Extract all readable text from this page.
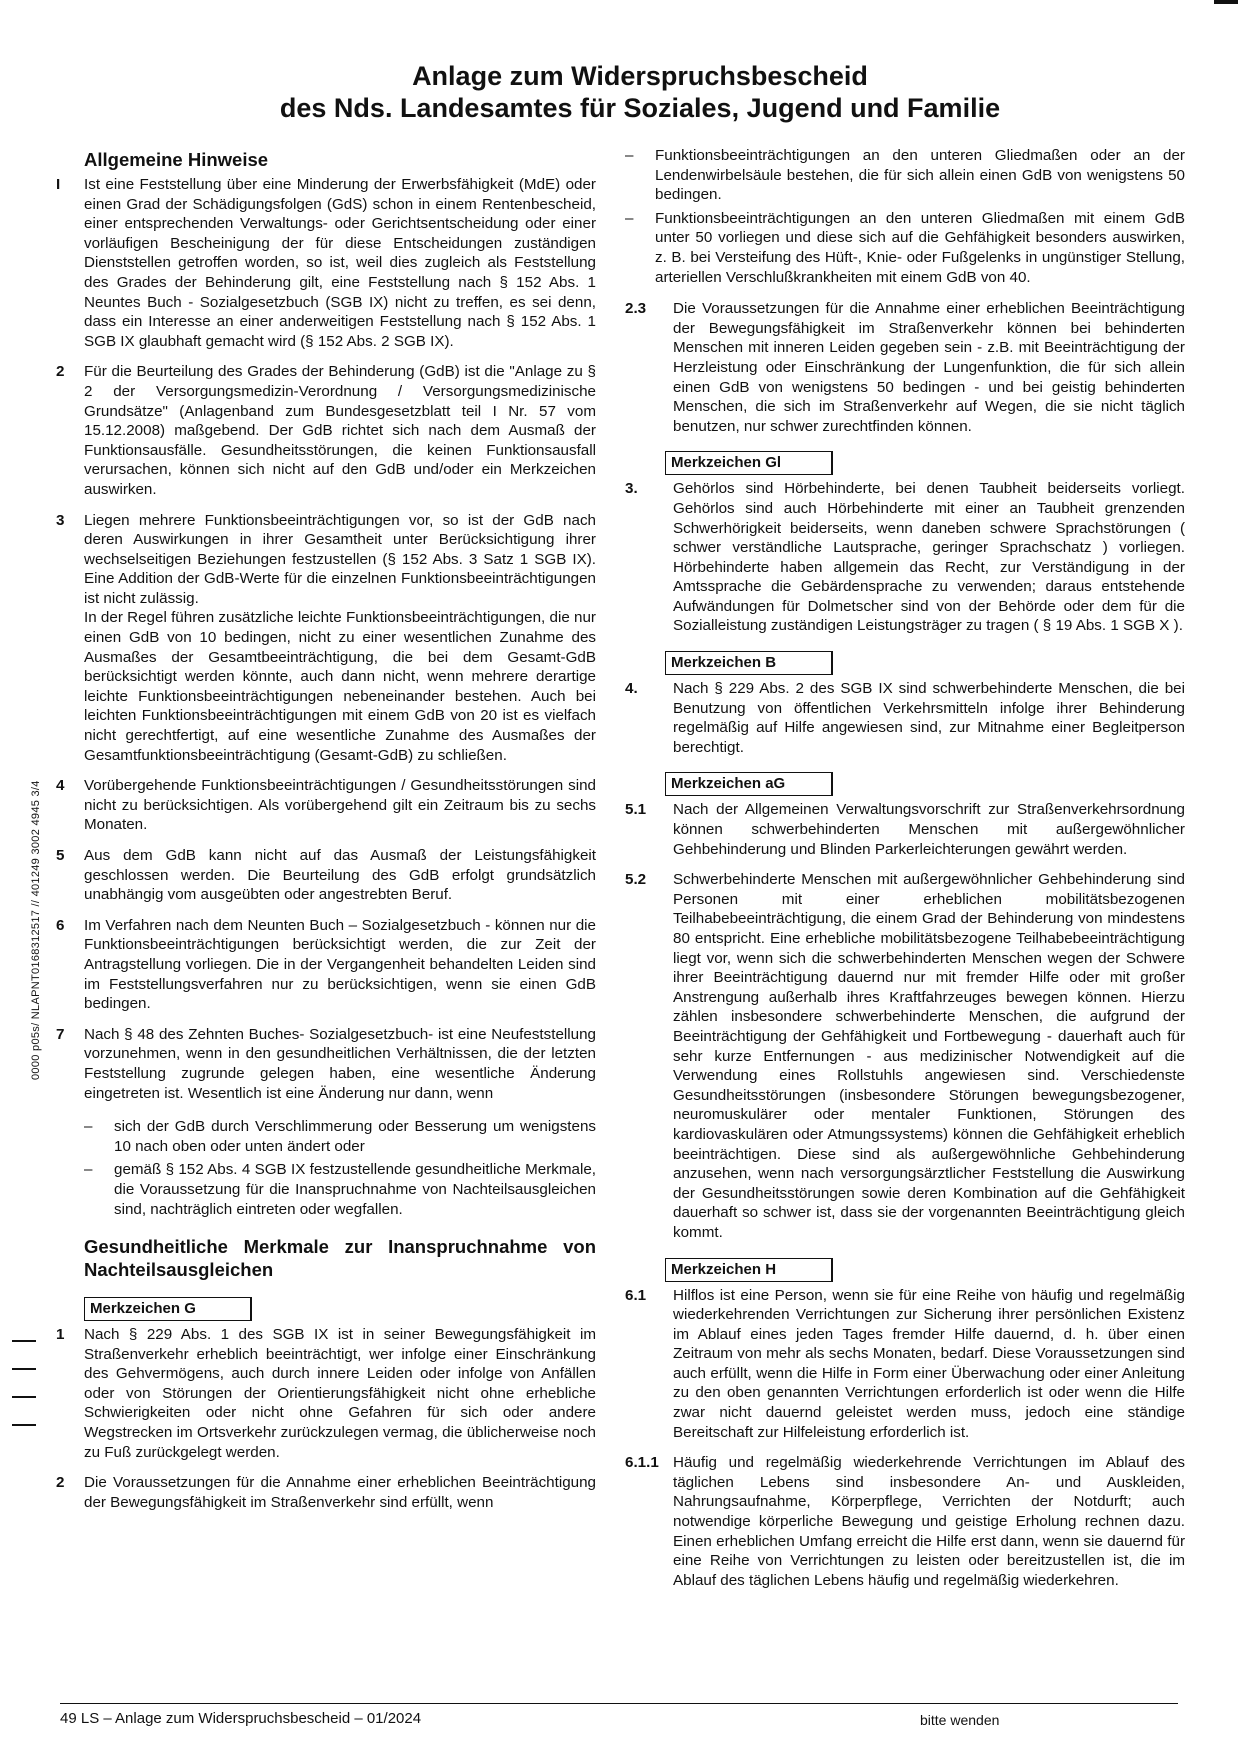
Anlage zum Widerspruchsbescheid
des Nds. Landesamtes für Soziales, Jugend und Familie
0000 p05s/ NLAPNT0168312517 // 401249 3002 4945 3/4
Allgemeine Hinweise
I Ist eine Feststellung über eine Minderung der Erwerbsfähigkeit (MdE) oder einen Grad der Schädigungsfolgen (GdS) schon in einem Rentenbescheid, einer entsprechenden Verwaltungs- oder Gerichtsentscheidung oder einer vorläufigen Bescheinigung der für diese Entscheidungen zuständigen Dienststellen getroffen worden, so ist, weil dies zugleich als Feststellung des Grades der Behinderung gilt, eine Feststellung nach § 152 Abs. 1 Neuntes Buch - Sozialgesetzbuch (SGB IX) nicht zu treffen, es sei denn, dass ein Interesse an einer anderweitigen Feststellung nach § 152 Abs. 1 SGB IX glaubhaft gemacht wird (§ 152 Abs. 2 SGB IX).
2 Für die Beurteilung des Grades der Behinderung (GdB) ist die "Anlage zu § 2 der Versorgungsmedizin-Verordnung / Versorgungsmedizinische Grundsätze" (Anlagenband zum Bundesgesetzblatt teil I Nr. 57 vom 15.12.2008) maßgebend. Der GdB richtet sich nach dem Ausmaß der Funktionsausfälle. Gesundheitsstörungen, die keinen Funktionsausfall verursachen, können sich nicht auf den GdB und/oder ein Merkzeichen auswirken.
3 Liegen mehrere Funktionsbeeinträchtigungen vor, so ist der GdB nach deren Auswirkungen in ihrer Gesamtheit unter Berücksichtigung ihrer wechselseitigen Beziehungen festzustellen (§ 152 Abs. 3 Satz 1 SGB IX). Eine Addition der GdB-Werte für die einzelnen Funktionsbeeinträchtigungen ist nicht zulässig.
In der Regel führen zusätzliche leichte Funktionsbeeinträchtigungen, die nur einen GdB von 10 bedingen, nicht zu einer wesentlichen Zunahme des Ausmaßes der Gesamtbeeinträchtigung, die bei dem Gesamt-GdB berücksichtigt werden könnte, auch dann nicht, wenn mehrere derartige leichte Funktionsbeeinträchtigungen nebeneinander bestehen. Auch bei leichten Funktionsbeeinträchtigungen mit einem GdB von 20 ist es vielfach nicht gerechtfertigt, auf eine wesentliche Zunahme des Ausmaßes der Gesamtfunktionsbeeinträchtigung (Gesamt-GdB) zu schließen.
4 Vorübergehende Funktionsbeeinträchtigungen / Gesundheitsstörungen sind nicht zu berücksichtigen. Als vorübergehend gilt ein Zeitraum bis zu sechs Monaten.
5 Aus dem GdB kann nicht auf das Ausmaß der Leistungsfähigkeit geschlossen werden. Die Beurteilung des GdB erfolgt grundsätzlich unabhängig vom ausgeübten oder angestrebten Beruf.
6 Im Verfahren nach dem Neunten Buch – Sozialgesetzbuch - können nur die Funktionsbeeinträchtigungen berücksichtigt werden, die zur Zeit der Antragstellung vorliegen. Die in der Vergangenheit behandelten Leiden sind im Feststellungsverfahren nur zu berücksichtigen, wenn sie einen GdB bedingen.
7 Nach § 48 des Zehnten Buches- Sozialgesetzbuch- ist eine Neufeststellung vorzunehmen, wenn in den gesundheitlichen Verhältnissen, die der letzten Feststellung zugrunde gelegen haben, eine wesentliche Änderung eingetreten ist. Wesentlich ist eine Änderung nur dann, wenn
– sich der GdB durch Verschlimmerung oder Besserung um wenigstens 10 nach oben oder unten ändert oder
– gemäß § 152 Abs. 4 SGB IX festzustellende gesundheitliche Merkmale, die Voraussetzung für die Inanspruchnahme von Nachteilsausgleichen sind, nachträglich eintreten oder wegfallen.
Gesundheitliche Merkmale zur Inanspruchnahme von Nachteilsausgleichen
Merkzeichen G
1 Nach § 229 Abs. 1 des SGB IX ist in seiner Bewegungsfähigkeit im Straßenverkehr erheblich beeinträchtigt, wer infolge einer Einschränkung des Gehvermögens, auch durch innere Leiden oder infolge von Anfällen oder von Störungen der Orientierungsfähigkeit nicht ohne erhebliche Schwierigkeiten oder nicht ohne Gefahren für sich oder andere Wegstrecken im Ortsverkehr zurückzulegen vermag, die üblicherweise noch zu Fuß zurückgelegt werden.
2 Die Voraussetzungen für die Annahme einer erheblichen Beeinträchtigung der Bewegungsfähigkeit im Straßenverkehr sind erfüllt, wenn
– Funktionsbeeinträchtigungen an den unteren Gliedmaßen oder an der Lendenwirbelsäule bestehen, die für sich allein einen GdB von wenigstens 50 bedingen.
– Funktionsbeeinträchtigungen an den unteren Gliedmaßen mit einem GdB unter 50 vorliegen und diese sich auf die Gehfähigkeit besonders auswirken, z. B. bei Versteifung des Hüft-, Knie- oder Fußgelenks in ungünstiger Stellung, arteriellen Verschlußkrankheiten mit einem GdB von 40.
2.3 Die Voraussetzungen für die Annahme einer erheblichen Beeinträchtigung der Bewegungsfähigkeit im Straßenverkehr können bei behinderten Menschen mit inneren Leiden gegeben sein - z.B. mit Beeinträchtigung der Herzleistung oder Einschränkung der Lungenfunktion, die für sich allein einen GdB von wenigstens 50 bedingen - und bei geistig behinderten Menschen, die sich im Straßenverkehr auf Wegen, die sie nicht täglich benutzen, nur schwer zurechtfinden können.
Merkzeichen Gl
3. Gehörlos sind Hörbehinderte, bei denen Taubheit beiderseits vorliegt. Gehörlos sind auch Hörbehinderte mit einer an Taubheit grenzenden Schwerhörigkeit beiderseits, wenn daneben schwere Sprachstörungen ( schwer verständliche Lautsprache, geringer Sprachschatz ) vorliegen. Hörbehinderte haben allgemein das Recht, zur Verständigung in der Amtssprache die Gebärdensprache zu verwenden; daraus entstehende Aufwändungen für Dolmetscher sind von der Behörde oder dem für die Sozialleistung zuständigen Leistungsträger zu tragen ( § 19 Abs. 1 SGB X ).
Merkzeichen B
4. Nach § 229 Abs. 2 des SGB IX sind schwerbehinderte Menschen, die bei Benutzung von öffentlichen Verkehrsmitteln infolge ihrer Behinderung regelmäßig auf Hilfe angewiesen sind, zur Mitnahme einer Begleitperson berechtigt.
Merkzeichen aG
5.1 Nach der Allgemeinen Verwaltungsvorschrift zur Straßenverkehrsordnung können schwerbehinderten Menschen mit außergewöhnlicher Gehbehinderung und Blinden Parkerleichterungen gewährt werden.
5.2 Schwerbehinderte Menschen mit außergewöhnlicher Gehbehinderung sind Personen mit einer erheblichen mobilitätsbezogenen Teilhabebeeinträchtigung, die einem Grad der Behinderung von mindestens 80 entspricht. Eine erhebliche mobilitätsbezogene Teilhabebeeinträchtigung liegt vor, wenn sich die schwerbehinderten Menschen wegen der Schwere ihrer Beeinträchtigung dauernd nur mit fremder Hilfe oder mit großer Anstrengung außerhalb ihres Kraftfahrzeuges bewegen können. Hierzu zählen insbesondere schwerbehinderte Menschen, die aufgrund der Beeinträchtigung der Gehfähigkeit und Fortbewegung - dauerhaft auch für sehr kurze Entfernungen - aus medizinischer Notwendigkeit auf die Verwendung eines Rollstuhls angewiesen sind. Verschiedenste Gesundheitsstörungen (insbesondere Störungen bewegungsbezogener, neuromuskulärer oder mentaler Funktionen, Störungen des kardiovaskulären oder Atmungssystems) können die Gehfähigkeit erheblich beeinträchtigen. Diese sind als außergewöhnliche Gehbehinderung anzusehen, wenn nach versorgungsärztlicher Feststellung die Auswirkung der Gesundheitsstörungen sowie deren Kombination auf die Gehfähigkeit dauerhaft so schwer ist, dass sie der vorgenannten Beeinträchtigung gleich kommt.
Merkzeichen H
6.1 Hilflos ist eine Person, wenn sie für eine Reihe von häufig und regelmäßig wiederkehrenden Verrichtungen zur Sicherung ihrer persönlichen Existenz im Ablauf eines jeden Tages fremder Hilfe dauernd, d. h. über einen Zeitraum von mehr als sechs Monaten, bedarf. Diese Voraussetzungen sind auch erfüllt, wenn die Hilfe in Form einer Überwachung oder einer Anleitung zu den oben genannten Verrichtungen erforderlich ist oder wenn die Hilfe zwar nicht dauernd geleistet werden muss, jedoch eine ständige Bereitschaft zur Hilfeleistung erforderlich ist.
6.1.1 Häufig und regelmäßig wiederkehrende Verrichtungen im Ablauf des täglichen Lebens sind insbesondere An- und Auskleiden, Nahrungsaufnahme, Körperpflege, Verrichten der Notdurft; auch notwendige körperliche Bewegung und geistige Erholung rechnen dazu. Einen erheblichen Umfang erreicht die Hilfe erst dann, wenn sie dauernd für eine Reihe von Verrichtungen zu leisten oder bereitzustellen ist, die im Ablauf des täglichen Lebens häufig und regelmäßig wiederkehren.
49 LS – Anlage zum Widerspruchsbescheid – 01/2024	bitte wenden
